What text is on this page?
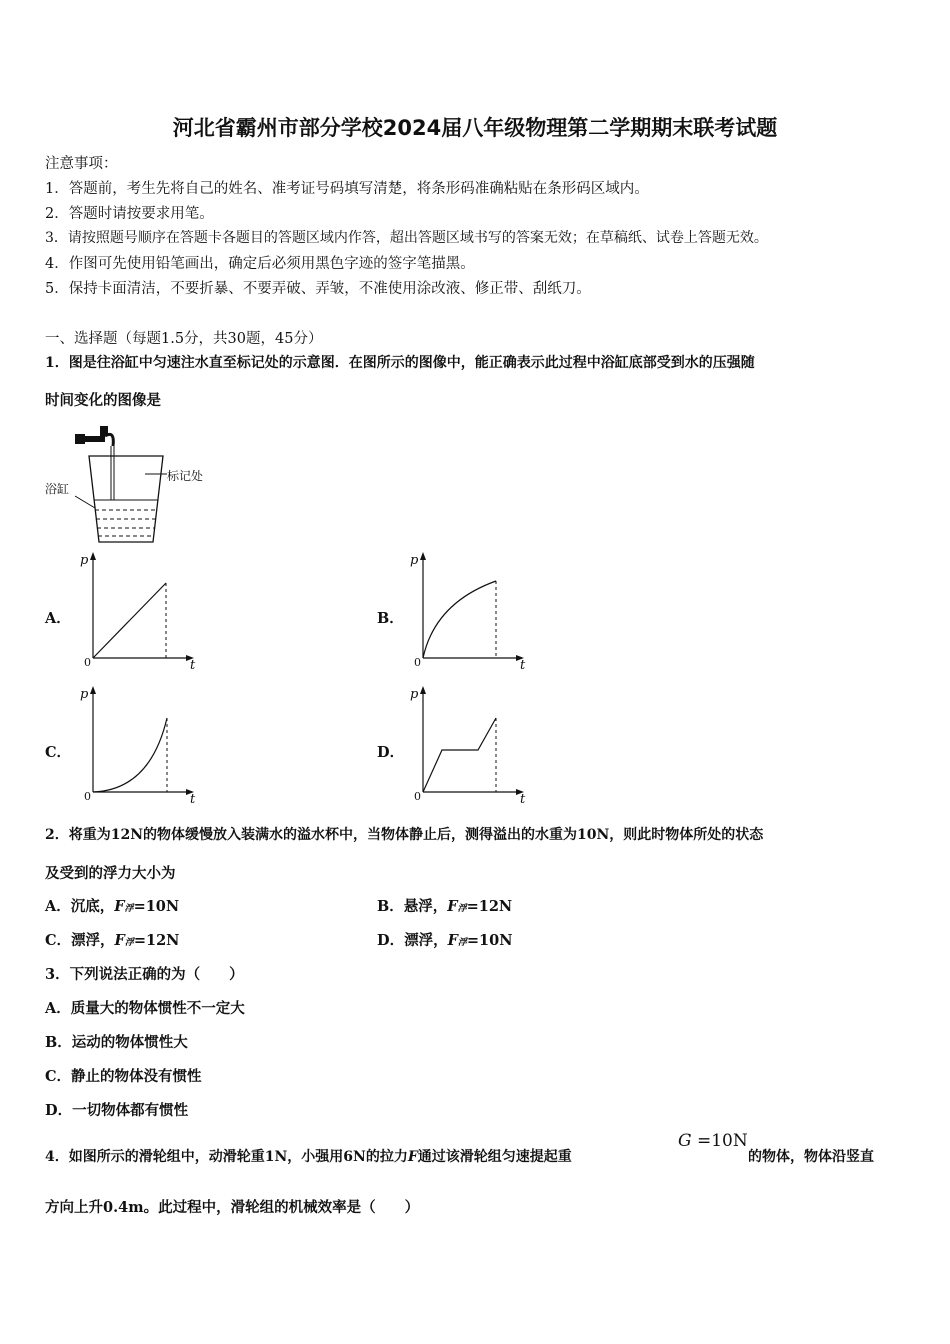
河北省霸州市部分学校2024届八年级物理第二学期期末联考试题
注意事项：
1．答题前，考生先将自己的姓名、准考证号码填写清楚，将条形码准确粘贴在条形码区域内。
2．答题时请按要求用笔。
3．请按照题号顺序在答题卡各题目的答题区域内作答，超出答题区域书写的答案无效；在草稿纸、试卷上答题无效。
4．作图可先使用铅笔画出，确定后必须用黑色字迹的签字笔描黑。
5．保持卡面清洁，不要折暴、不要弄破、弄皱，不准使用涂改液、修正带、刮纸刀。
一、选择题（每题1.5分，共30题，45分）
1．图是往浴缸中匀速注水直至标记处的示意图．在图所示的图像中，能正确表示此过程中浴缸底部受到水的压强随
时间变化的图像是
标记处
浴缸
A．	B．
C．	D．
p
t
0
p
t
0
p
t
0
p
t
0
2．将重为12N的物体缓慢放入装满水的溢水杯中，当物体静止后，测得溢出的水重为10N，则此时物体所处的状态
及受到的浮力大小为
A．沉底，F浮=10N	B．悬浮，F浮=12N
C．漂浮，F浮=12N	D．漂浮，F浮=10N
3．下列说法正确的为（　　）
A．质量大的物体惯性不一定大
B．运动的物体惯性大
C．静止的物体没有惯性
D．一切物体都有惯性
4．如图所示的滑轮组中，动滑轮重1N，小强用6N的拉力F通过该滑轮组匀速提起重
G =10N
的物体，物体沿竖直
方向上升0.4m。此过程中，滑轮组的机械效率是（　　）
